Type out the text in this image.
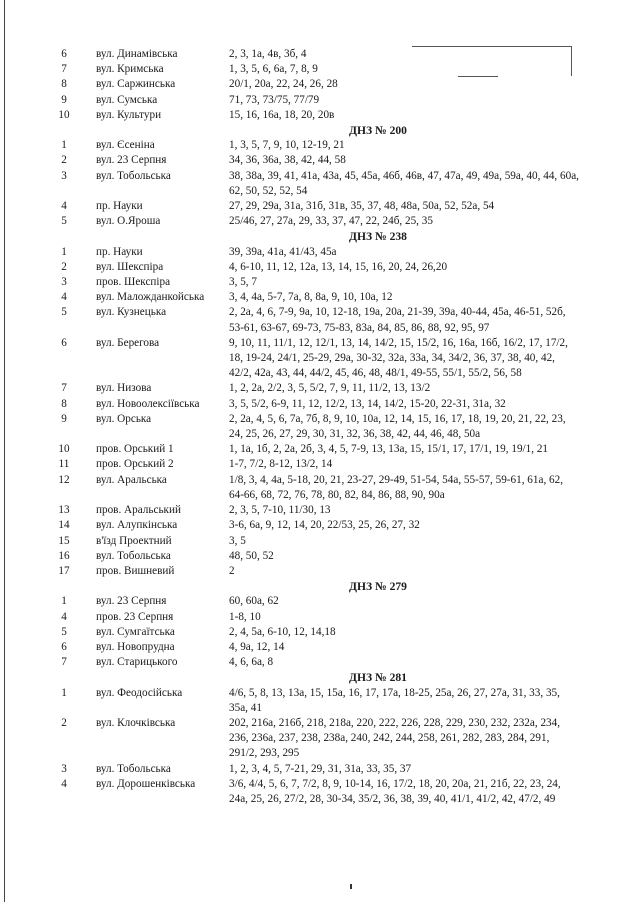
6	вул. Динамівська	2, 3, 1а, 4в, 3б, 4
7	вул. Кримська	1, 3, 5, 6, 6а, 7, 8, 9
8	вул. Саржинська	20/1, 20а, 22, 24, 26, 28
9	вул. Сумська	71, 73, 73/75, 77/79
10	вул. Культури	15, 16, 16а, 18, 20, 20в
ДНЗ № 200
1	вул. Єсеніна	1, 3, 5, 7, 9, 10, 12-19, 21
2	вул. 23 Серпня	34, 36, 36а, 38, 42, 44, 58
3	вул. Тобольська	38, 38а, 39, 41, 41а, 43а, 45, 45а, 46б, 46в, 47, 47а, 49, 49а, 59а, 40, 44, 60а, 62, 50, 52, 52, 54
4	пр. Науки	27, 29, 29а, 31а, 31б, 31в, 35, 37, 48, 48а, 50а, 52, 52а, 54
5	вул. О.Яроша	25/46, 27, 27а, 29, 33, 37, 47, 22, 24б, 25, 35
ДНЗ № 238
1	пр. Науки	39, 39а, 41а, 41/43, 45а
2	вул. Шекспіра	4, 6-10, 11, 12, 12а, 13, 14, 15, 16, 20, 24, 26,20
3	пров. Шекспіра	3, 5, 7
4	вул. Маложданкойська	3, 4, 4а, 5-7, 7а, 8, 8а, 9, 10, 10а, 12
5	вул. Кузнецька	2, 2а, 4, 6, 7-9, 9а, 10, 12-18, 19а, 20а, 21-39, 39а, 40-44, 45а, 46-51, 52б, 53-61, 63-67, 69-73, 75-83, 83а, 84, 85, 86, 88, 92, 95, 97
6	вул. Берегова	9, 10, 11, 11/1, 12, 12/1, 13, 14, 14/2, 15, 15/2, 16, 16а, 16б, 16/2, 17, 17/2, 18, 19-24, 24/1, 25-29, 29а, 30-32, 32а, 33а, 34, 34/2, 36, 37, 38, 40, 42, 42/2, 42а, 43, 44, 44/2, 45, 46, 48, 48/1, 49-55, 55/1, 55/2, 56, 58
7	вул. Низова	1, 2, 2а, 2/2, 3, 5, 5/2, 7, 9, 11, 11/2, 13, 13/2
8	вул. Новоолексіївська	3, 5, 5/2, 6-9, 11, 12, 12/2, 13, 14, 14/2, 15-20, 22-31, 31а, 32
9	вул. Орська	2, 2а, 4, 5, 6, 7а, 7б, 8, 9, 10, 10а, 12, 14, 15, 16, 17, 18, 19, 20, 21, 22, 23, 24, 25, 26, 27, 29, 30, 31, 32, 36, 38, 42, 44, 46, 48, 50а
10	пров. Орський 1	1, 1а, 1б, 2, 2а, 2б, 3, 4, 5, 7-9, 13, 13а, 15, 15/1, 17, 17/1, 19, 19/1, 21
11	пров. Орський 2	1-7, 7/2, 8-12, 13/2, 14
12	вул. Аральська	1/8, 3, 4, 4а, 5-18, 20, 21, 23-27, 29-49, 51-54, 54а, 55-57, 59-61, 61а, 62, 64-66, 68, 72, 76, 78, 80, 82, 84, 86, 88, 90, 90а
13	пров. Аральський	2, 3, 5, 7-10, 11/30, 13
14	вул. Алупкінська	3-6, 6а, 9, 12, 14, 20, 22/53, 25, 26, 27, 32
15	в'їзд Проектний	3, 5
16	вул. Тобольська	48, 50, 52
17	пров. Вишневий	2
ДНЗ № 279
1	вул. 23 Серпня	60, 60а, 62
4	пров. 23 Серпня	1-8, 10
5	вул. Сумгаїтська	2, 4, 5а, 6-10, 12, 14,18
6	вул. Новопрудна	4, 9а, 12, 14
7	вул. Старицького	4, 6, 6а, 8
ДНЗ № 281
1	вул. Феодосійська	4/6, 5, 8, 13, 13а, 15, 15а, 16, 17, 17а, 18-25, 25а, 26, 27, 27а, 31, 33, 35, 35а, 41
2	вул. Клочківська	202, 216а, 216б, 218, 218а, 220, 222, 226, 228, 229, 230, 232, 232а, 234, 236, 236а, 237, 238, 238а, 240, 242, 244, 258, 261, 282, 283, 284, 291, 291/2, 293, 295
3	вул. Тобольська	1, 2, 3, 4, 5, 7-21, 29, 31, 31а, 33, 35, 37
4	вул. Дорошенківська	3/6, 4/4, 5, 6, 7, 7/2, 8, 9, 10-14, 16, 17/2, 18, 20, 20а, 21, 21б, 22, 23, 24, 24а, 25, 26, 27/2, 28, 30-34, 35/2, 36, 38, 39, 40, 41/1, 41/2, 42, 47/2, 49
